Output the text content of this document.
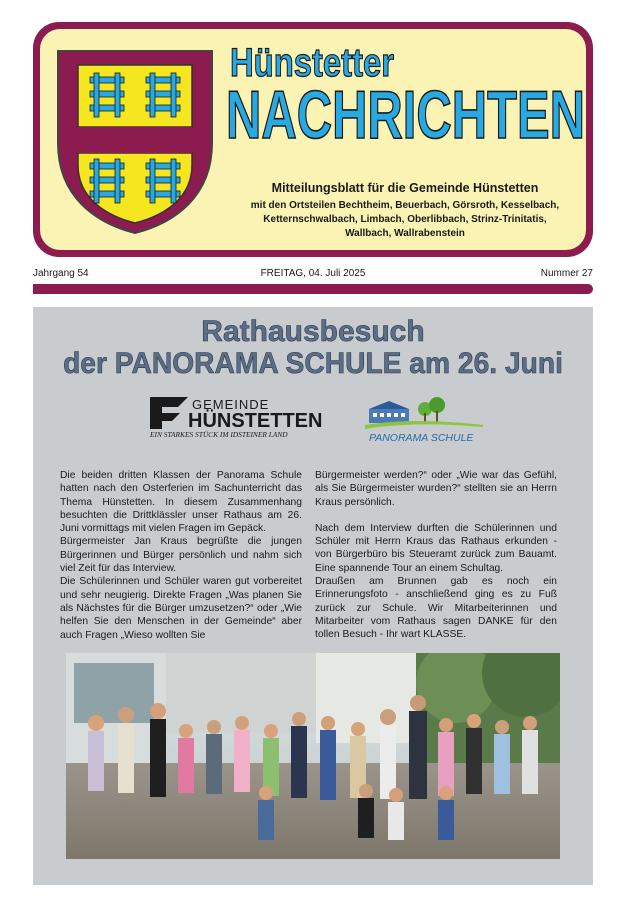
Hünstetter
NACHRICHTEN
Mitteilungsblatt für die Gemeinde Hünstetten
mit den Ortsteilen Bechtheim, Beuerbach, Görsroth, Kesselbach,
Ketternschwalbach, Limbach, Oberlibbach, Strinz-Trinitatis,
Wallbach, Wallrabenstein
Jahrgang 54	FREITAG, 04. Juli 2025	Nummer 27
Rathausbesuch
der PANORAMA SCHULE am 26. Juni
GEMEINDE
HÜNSTETTEN
EIN STARKES STÜCK IM IDSTEINER LAND	PANORAMA SCHULE

Die beiden dritten Klassen der Panorama Schule hatten nach den Osterferien im Sachunterricht das Thema Hünstetten. In diesem Zusammenhang besuchten die Drittklässler unser Rathaus am 26. Juni vormittags mit vielen Fragen im Gepäck.

Bürgermeister Jan Kraus begrüßte die jungen Bürgerinnen und Bürger persönlich und nahm sich viel Zeit für das Interview.

Die Schülerinnen und Schüler waren gut vorbereitet und sehr neugierig. Direkte Fragen „Was planen Sie als Nächstes für die Bürger umzusetzen?“ oder „Wie helfen Sie den Menschen in der Gemeinde“ aber auch Fragen „Wieso wollten Sie

Bürgermeister werden?“ oder „Wie war das Gefühl, als Sie Bürgermeister wurden?“ stellten sie an Herrn Kraus persönlich.

Nach dem Interview durften die Schülerinnen und Schüler mit Herrn Kraus das Rathaus erkunden - von Bürgerbüro bis Steueramt zurück zum Bauamt. Eine spannende Tour an einem Schultag.

Draußen am Brunnen gab es noch ein Erinnerungsfoto - anschließend ging es zu Fuß zurück zur Schule. Wir Mitarbeiterinnen und Mitarbeiter vom Rathaus sagen DANKE für den tollen Besuch - Ihr wart KLASSE.
